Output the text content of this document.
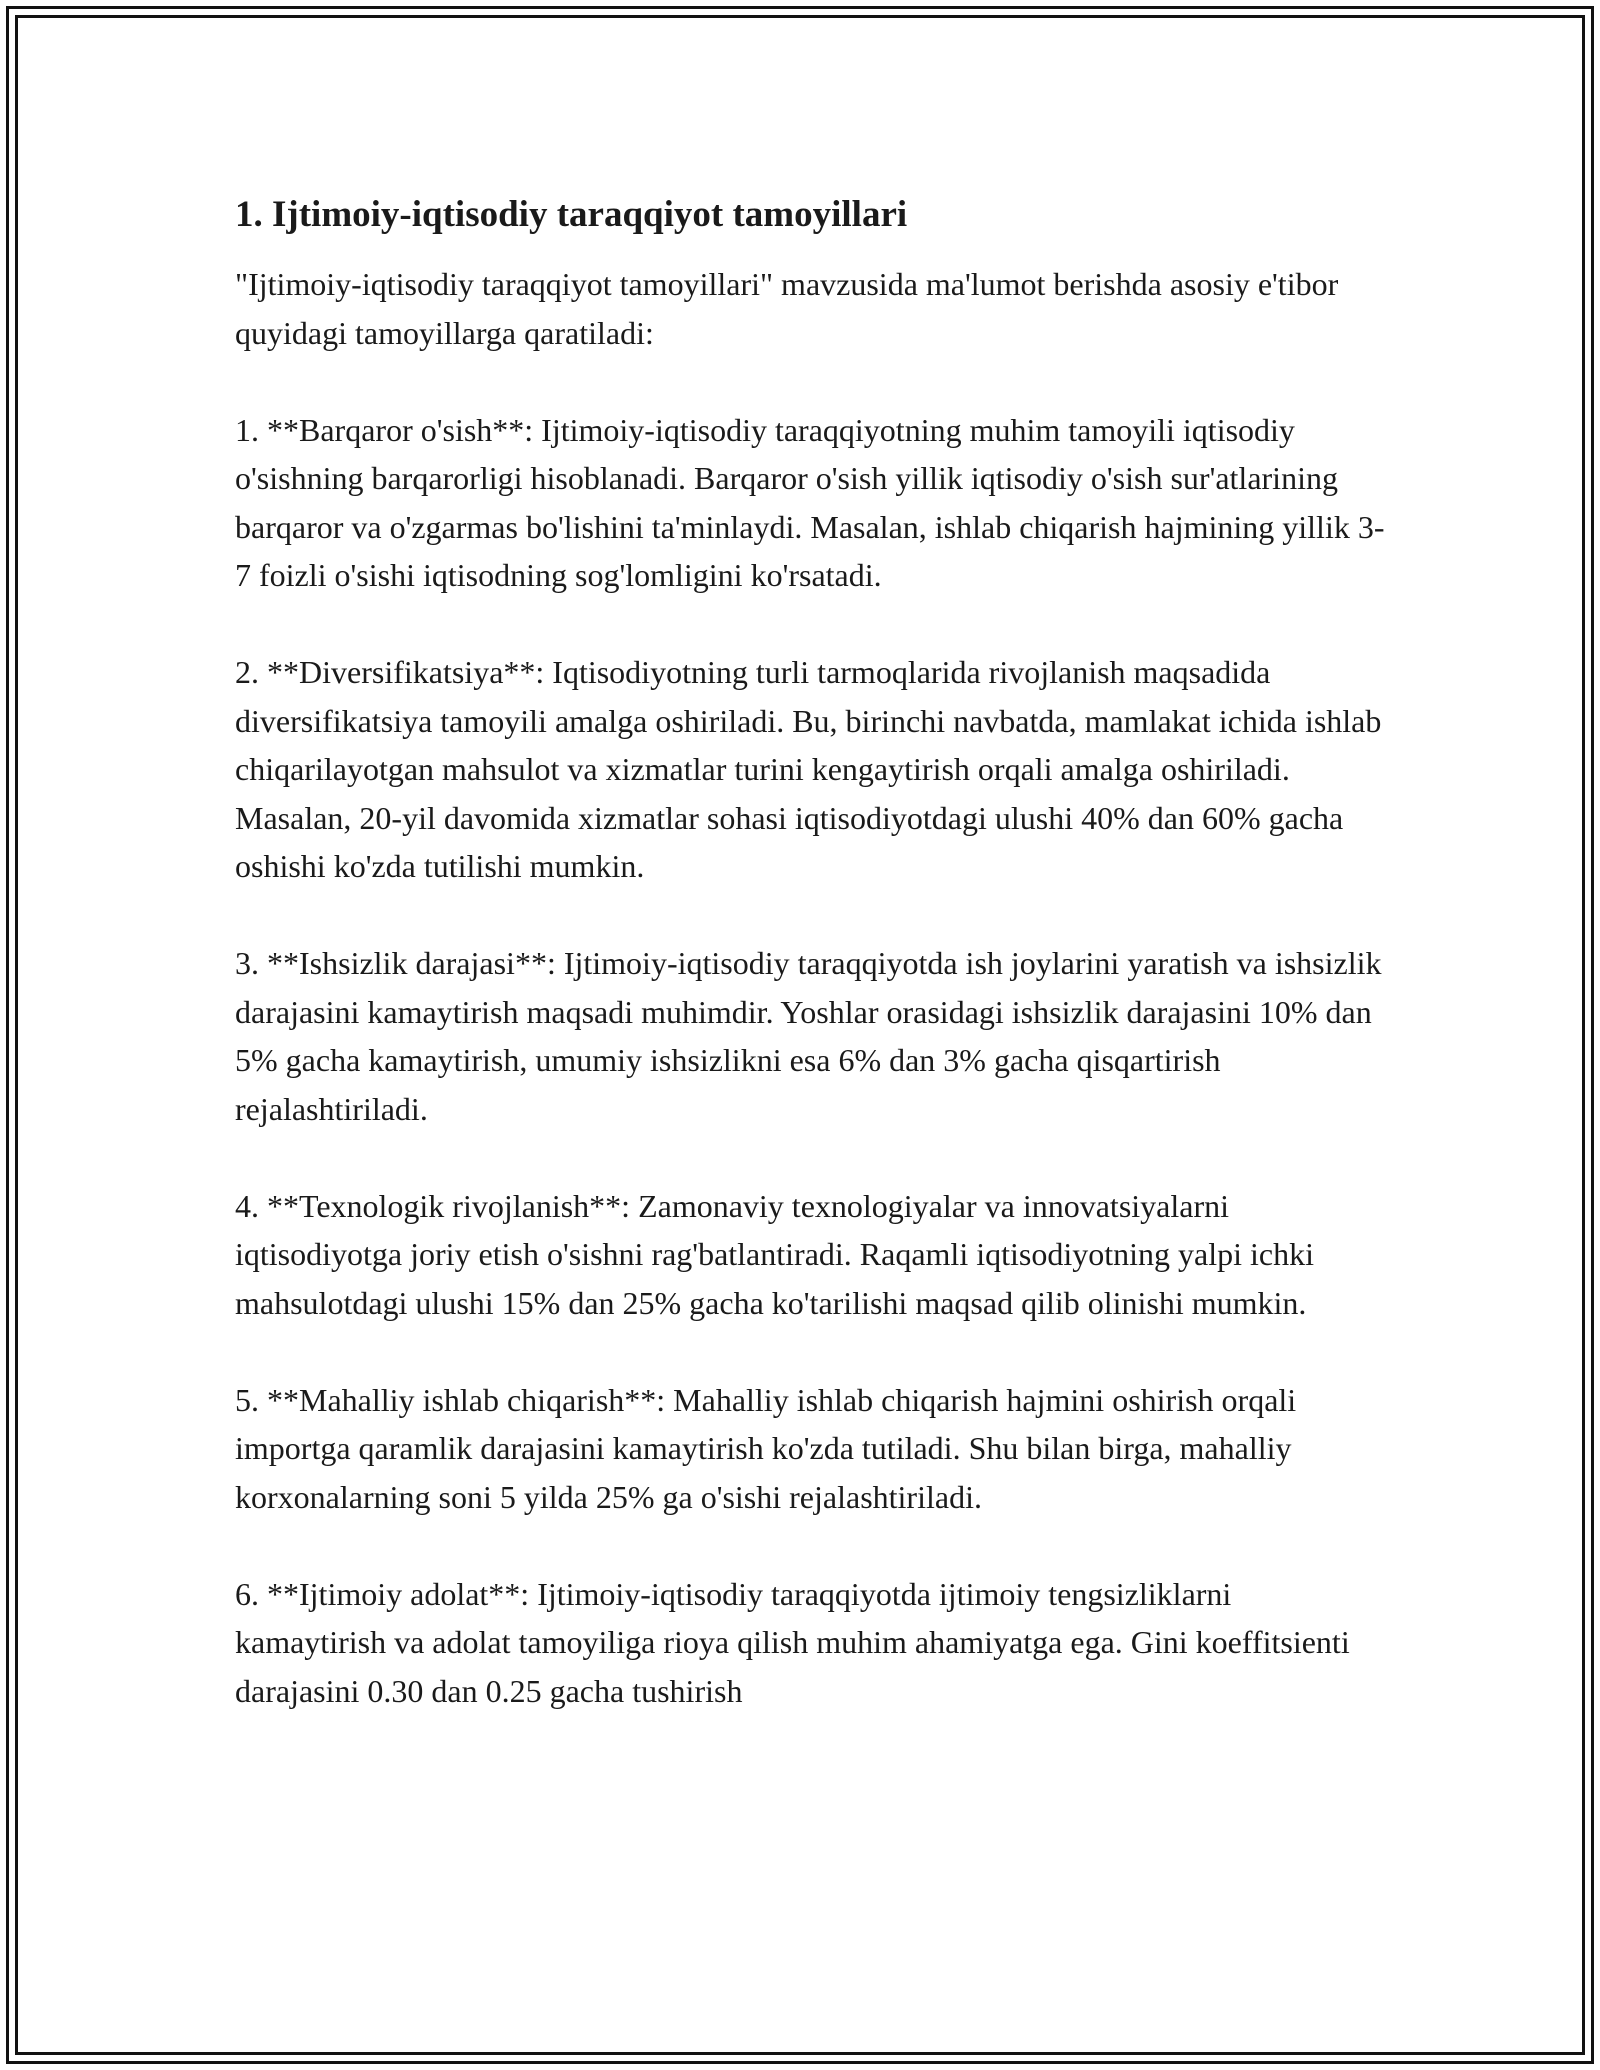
1. Ijtimoiy-iqtisodiy taraqqiyot tamoyillari

"Ijtimoiy-iqtisodiy taraqqiyot tamoyillari" mavzusida ma'lumot berishda asosiy e'tibor quyidagi tamoyillarga qaratiladi:

1. **Barqaror o'sish**: Ijtimoiy-iqtisodiy taraqqiyotning muhim tamoyili iqtisodiy o'sishning barqarorligi hisoblanadi. Barqaror o'sish yillik iqtisodiy o'sish sur'atlarining barqaror va o'zgarmas bo'lishini ta'minlaydi. Masalan, ishlab chiqarish hajmining yillik 3-7 foizli o'sishi iqtisodning sog'lomligini ko'rsatadi.

2. **Diversifikatsiya**: Iqtisodiyotning turli tarmoqlarida rivojlanish maqsadida diversifikatsiya tamoyili amalga oshiriladi. Bu, birinchi navbatda, mamlakat ichida ishlab chiqarilayotgan mahsulot va xizmatlar turini kengaytirish orqali amalga oshiriladi. Masalan, 20-yil davomida xizmatlar sohasi iqtisodiyotdagi ulushi 40% dan 60% gacha oshishi ko'zda tutilishi mumkin.

3. **Ishsizlik darajasi**: Ijtimoiy-iqtisodiy taraqqiyotda ish joylarini yaratish va ishsizlik darajasini kamaytirish maqsadi muhimdir. Yoshlar orasidagi ishsizlik darajasini 10% dan 5% gacha kamaytirish, umumiy ishsizlikni esa 6% dan 3% gacha qisqartirish rejalashtiriladi.

4. **Texnologik rivojlanish**: Zamonaviy texnologiyalar va innovatsiyalarni iqtisodiyotga joriy etish o'sishni rag'batlantiradi. Raqamli iqtisodiyotning yalpi ichki mahsulotdagi ulushi 15% dan 25% gacha ko'tarilishi maqsad qilib olinishi mumkin.

5. **Mahalliy ishlab chiqarish**: Mahalliy ishlab chiqarish hajmini oshirish orqali importga qaramlik darajasini kamaytirish ko'zda tutiladi. Shu bilan birga, mahalliy korxonalarning soni 5 yilda 25% ga o'sishi rejalashtiriladi.

6. **Ijtimoiy adolat**: Ijtimoiy-iqtisodiy taraqqiyotda ijtimoiy tengsizliklarni kamaytirish va adolat tamoyiliga rioya qilish muhim ahamiyatga ega. Gini koeffitsienti darajasini 0.30 dan 0.25 gacha tushirish
